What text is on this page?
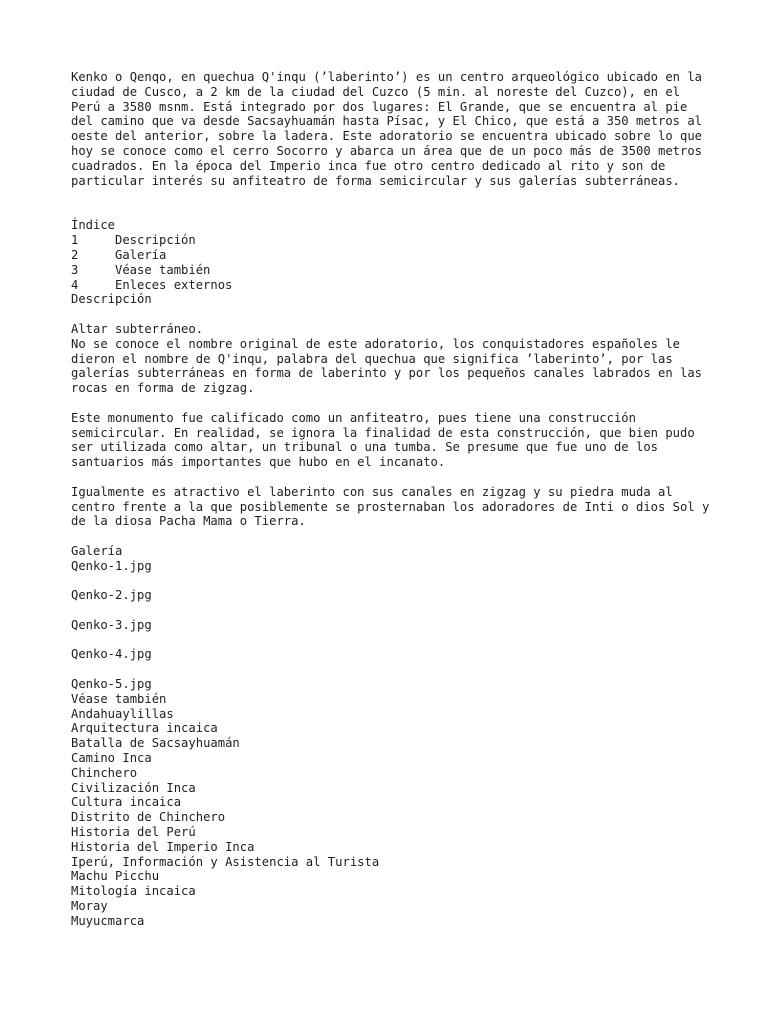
Kenko o Qenqo, en quechua Q'inqu (’laberinto’) es un centro arqueológico ubicado en la ciudad de Cusco, a 2 km de la ciudad del Cuzco (5 min. al noreste del Cuzco), en el Perú a 3580 msnm. Está integrado por dos lugares: El Grande, que se encuentra al pie del camino que va desde Sacsayhuamán hasta Písac, y El Chico, que está a 350 metros al oeste del anterior, sobre la ladera. Este adoratorio se encuentra ubicado sobre lo que hoy se conoce como el cerro Socorro y abarca un área que de un poco más de 3500 metros cuadrados. En la época del Imperio inca fue otro centro dedicado al rito y son de particular interés su anfiteatro de forma semicircular y sus galerías subterráneas.

Índice
1	Descripción
2	Galería
3	Véase también
4	Enleces externos
Descripción
Altar subterráneo.

No se conoce el nombre original de este adoratorio, los conquistadores españoles le dieron el nombre de Q'inqu, palabra del quechua que significa ’laberinto’, por las galerías subterráneas en forma de laberinto y por los pequeños canales labrados en las rocas en forma de zigzag.

Este monumento fue calificado como un anfiteatro, pues tiene una construcción semicircular. En realidad, se ignora la finalidad de esta construcción, que bien pudo ser utilizada como altar, un tribunal o una tumba. Se presume que fue uno de los santuarios más importantes que hubo en el incanato.

Igualmente es atractivo el laberinto con sus canales en zigzag y su piedra muda al centro frente a la que posiblemente se prosternaban los adoradores de Inti o dios Sol y de la diosa Pacha Mama o Tierra.

Galería
Qenko-1.jpg
Qenko-2.jpg
Qenko-3.jpg
Qenko-4.jpg
Qenko-5.jpg
Véase también
Andahuaylillas
Arquitectura incaica
Batalla de Sacsayhuamán
Camino Inca
Chinchero
Civilización Inca
Cultura incaica
Distrito de Chinchero
Historia del Perú
Historia del Imperio Inca
Iperú, Información y Asistencia al Turista
Machu Picchu
Mitología incaica
Moray
Muyucmarca
